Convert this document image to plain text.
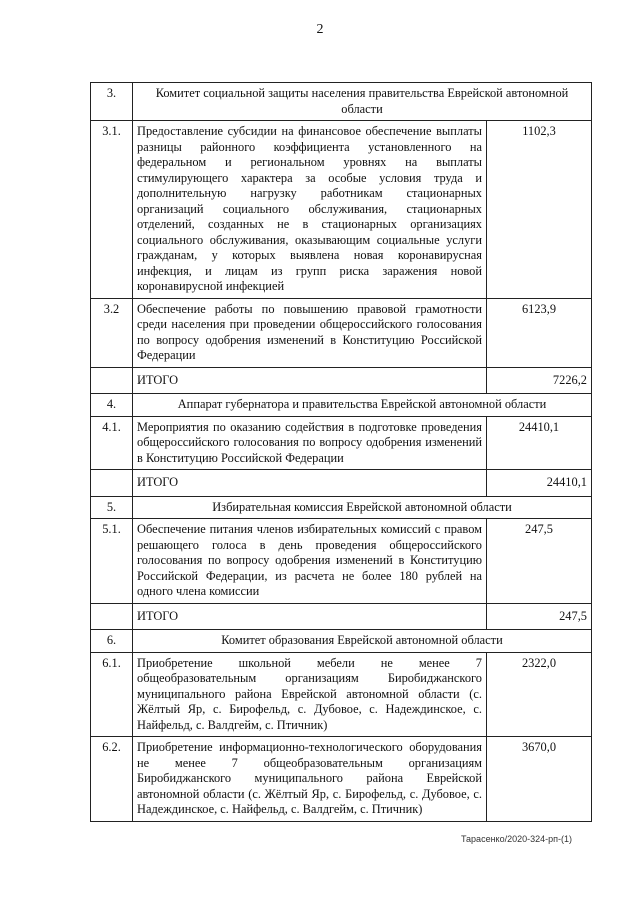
2
3.	Комитет социальной защиты населения правительства Еврейской автономной области	
3.1.	Предоставление субсидии на финансовое обеспечение выплаты разницы районного коэффициента установленного на федеральном и региональном уровнях на выплаты стимулирующего характера за особые условия труда и дополнительную нагрузку работникам стационарных организаций социального обслуживания, стационарных отделений, созданных не в стационарных организациях социального обслуживания, оказывающим социальные услуги гражданам, у которых выявлена новая коронавирусная инфекция, и лицам из групп риска заражения новой коронавирусной инфекцией	1102,3
3.2	Обеспечение работы по повышению правовой грамотности среди населения при проведении общероссийского голосования по вопросу одобрения изменений в Конституцию Российской Федерации	6123,9
	ИТОГО	7226,2
4.	Аппарат губернатора и правительства Еврейской автономной области	
4.1.	Мероприятия по оказанию содействия в подготовке проведения общероссийского голосования по вопросу одобрения изменений в Конституцию Российской Федерации	24410,1
	ИТОГО	24410,1
5.	Избирательная комиссия Еврейской автономной области	
5.1.	Обеспечение питания членов избирательных комиссий с правом решающего голоса в день проведения общероссийского голосования по вопросу одобрения изменений в Конституцию Российской Федерации, из расчета не более 180 рублей на одного члена комиссии	247,5
	ИТОГО	247,5
6.	Комитет образования Еврейской автономной области	
6.1.	Приобретение школьной мебели не менее 7 общеобразовательным организациям Биробиджанского муниципального района Еврейской автономной области (с. Жёлтый Яр, с. Бирофельд, с. Дубовое, с. Надеждинское, с. Найфельд, с. Валдгейм, с. Птичник)	2322,0
6.2.	Приобретение информационно-технологического оборудования не менее 7 общеобразовательным организациям Биробиджанского муниципального района Еврейской автономной области (с. Жёлтый Яр, с. Бирофельд, с. Дубовое, с. Надеждинское, с. Найфельд, с. Валдгейм, с. Птичник)	3670,0
Тарасенко/2020-324-рп-(1)
